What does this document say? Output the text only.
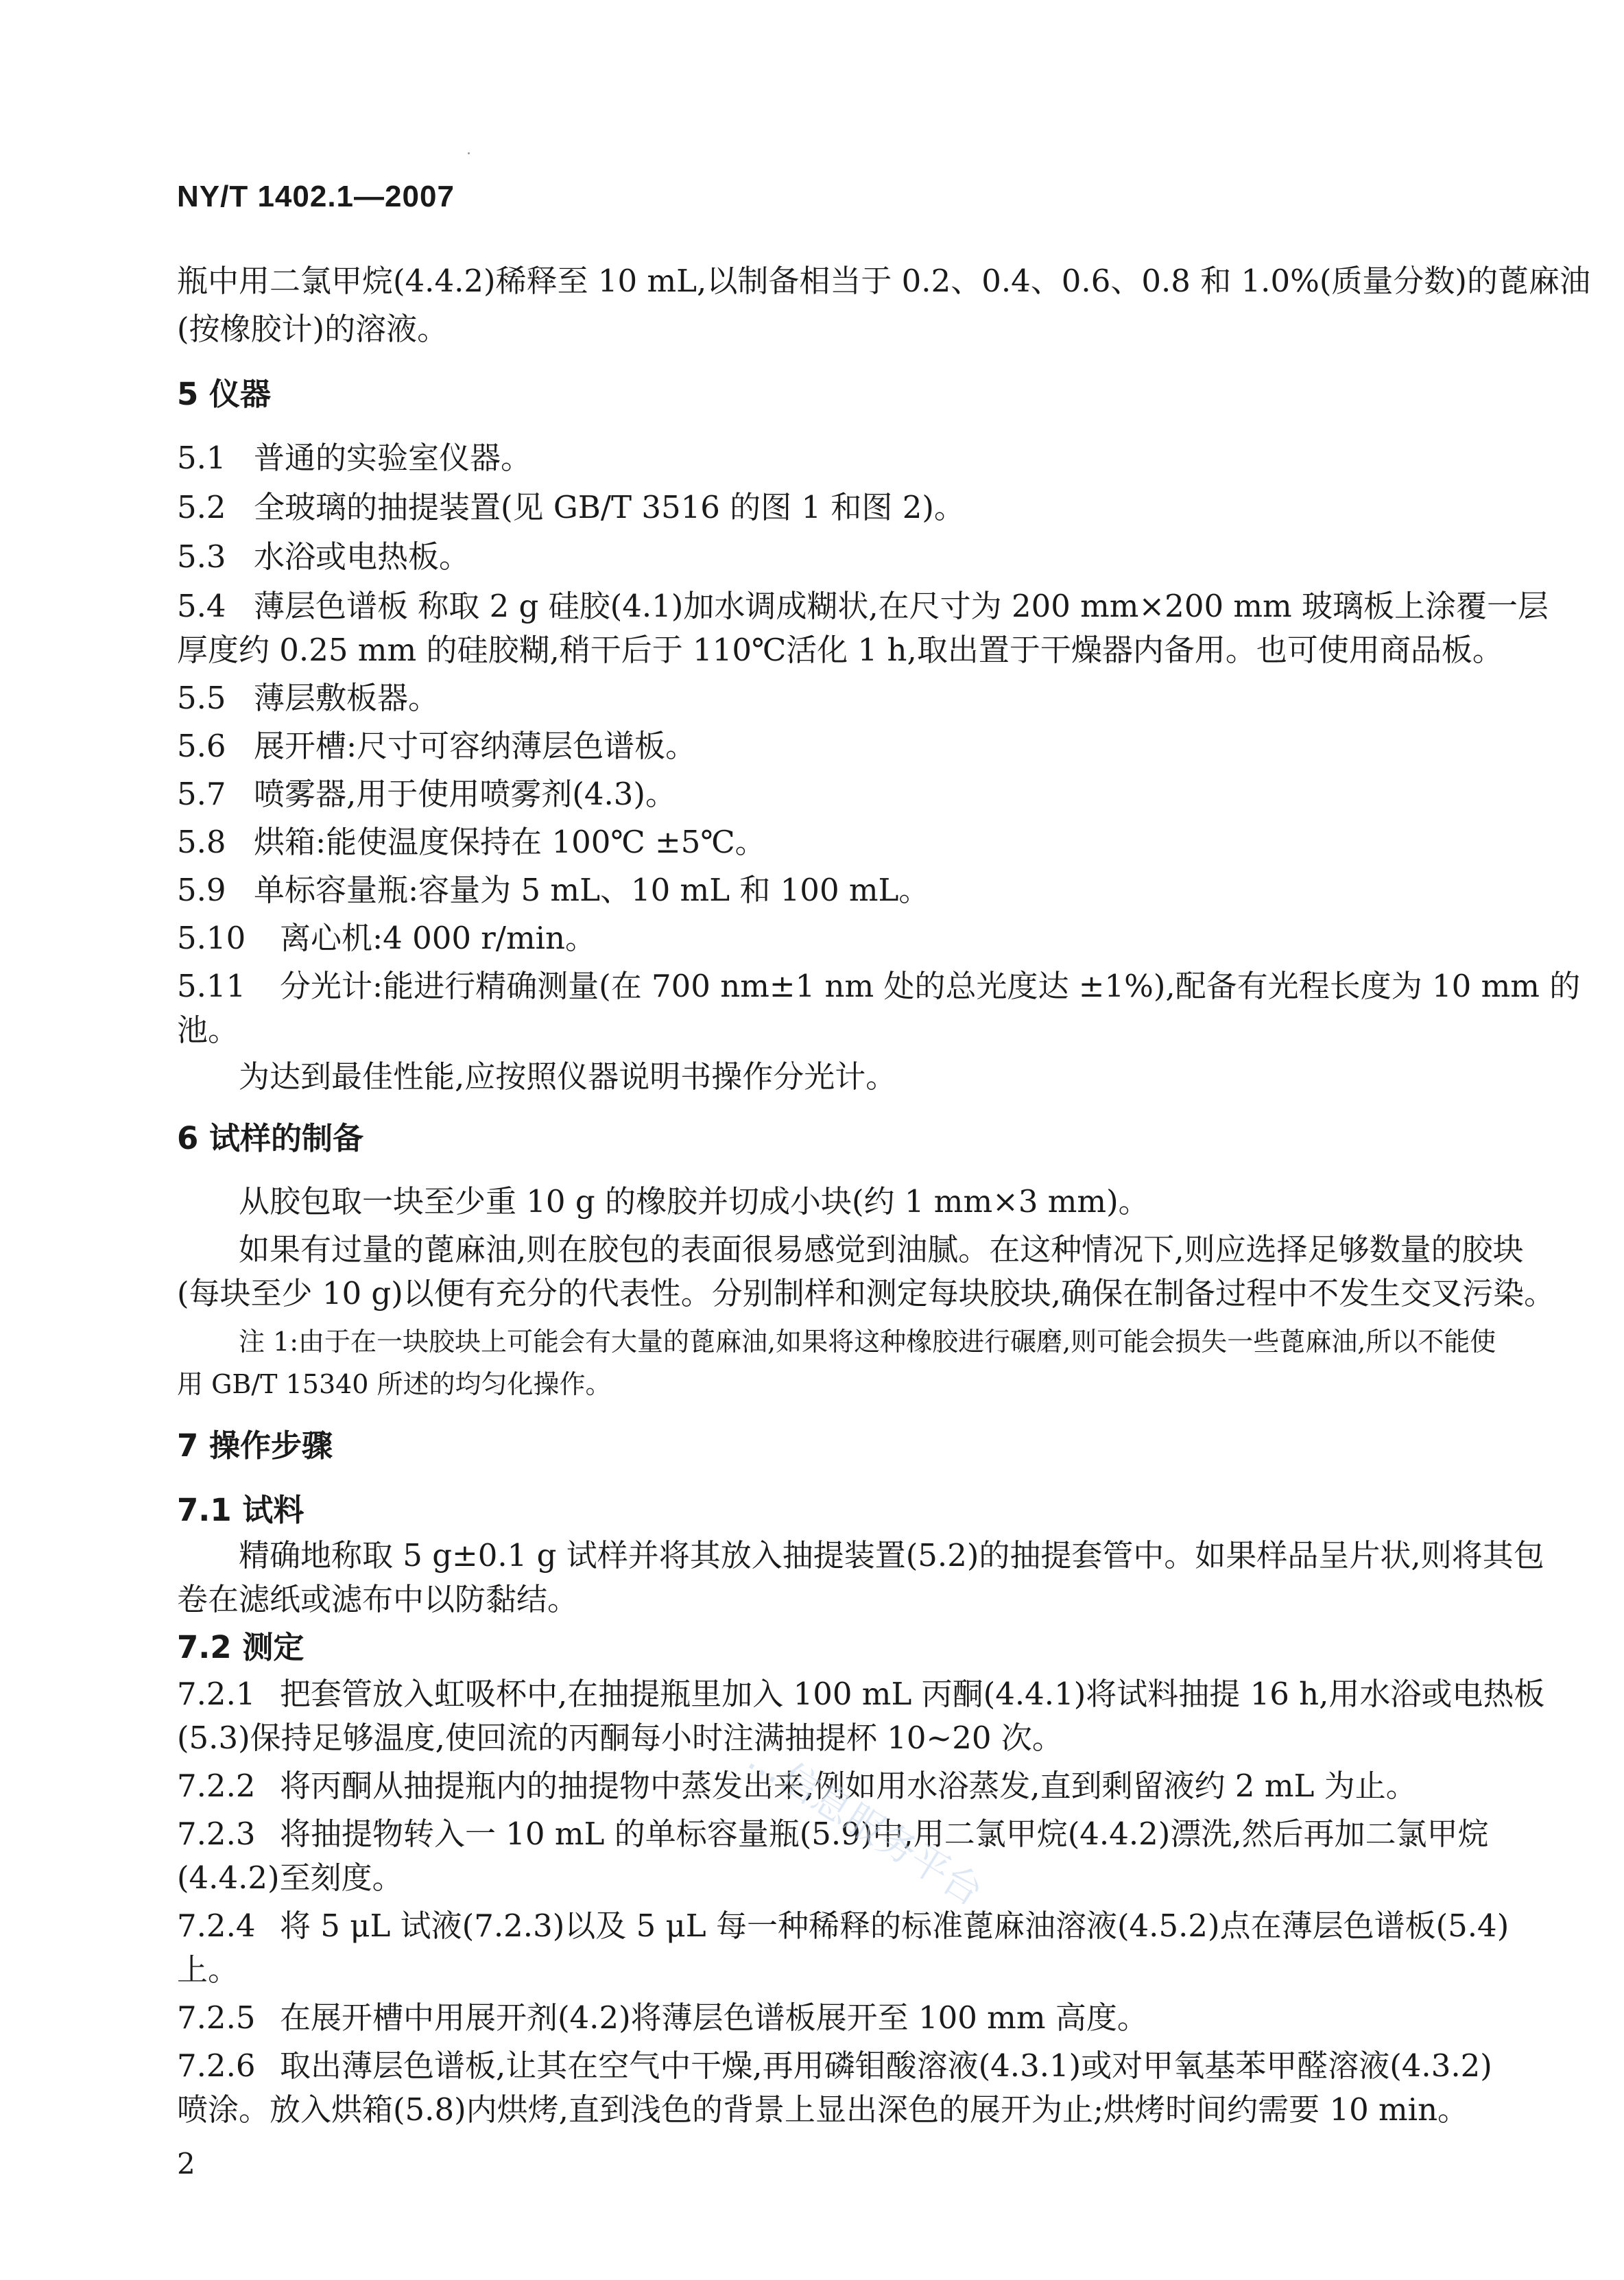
NY/T 1402.1—2007
瓶中用二氯甲烷(4.4.2)稀释至 10 mL,以制备相当于 0.2、0.4、0.6、0.8 和 1.0%(质量分数)的蓖麻油
(按橡胶计)的溶液。
5 仪器
5.1 普通的实验室仪器。
5.2 全玻璃的抽提装置(见 GB/T 3516 的图 1 和图 2)。
5.3 水浴或电热板。
5.4 薄层色谱板 称取 2 g 硅胶(4.1)加水调成糊状,在尺寸为 200 mm×200 mm 玻璃板上涂覆一层
厚度约 0.25 mm 的硅胶糊,稍干后于 110℃活化 1 h,取出置于干燥器内备用。也可使用商品板。
5.5 薄层敷板器。
5.6 展开槽:尺寸可容纳薄层色谱板。
5.7 喷雾器,用于使用喷雾剂(4.3)。
5.8 烘箱:能使温度保持在 100℃ ±5℃。
5.9 单标容量瓶:容量为 5 mL、10 mL 和 100 mL。
5.10 离心机:4 000 r/min。
5.11 分光计:能进行精确测量(在 700 nm±1 nm 处的总光度达 ±1%),配备有光程长度为 10 mm 的
池。
为达到最佳性能,应按照仪器说明书操作分光计。
6 试样的制备
从胶包取一块至少重 10 g 的橡胶并切成小块(约 1 mm×3 mm)。
如果有过量的蓖麻油,则在胶包的表面很易感觉到油腻。在这种情况下,则应选择足够数量的胶块
(每块至少 10 g)以便有充分的代表性。分别制样和测定每块胶块,确保在制备过程中不发生交叉污染。
注 1:由于在一块胶块上可能会有大量的蓖麻油,如果将这种橡胶进行碾磨,则可能会损失一些蓖麻油,所以不能使
用 GB/T 15340 所述的均匀化操作。
7 操作步骤
7.1 试料
精确地称取 5 g±0.1 g 试样并将其放入抽提装置(5.2)的抽提套管中。如果样品呈片状,则将其包
卷在滤纸或滤布中以防黏结。
7.2 测定
7.2.1 把套管放入虹吸杯中,在抽提瓶里加入 100 mL 丙酮(4.4.1)将试料抽提 16 h,用水浴或电热板
(5.3)保持足够温度,使回流的丙酮每小时注满抽提杯 10~20 次。
7.2.2 将丙酮从抽提瓶内的抽提物中蒸发出来,例如用水浴蒸发,直到剩留液约 2 mL 为止。
7.2.3 将抽提物转入一 10 mL 的单标容量瓶(5.9)中,用二氯甲烷(4.4.2)漂洗,然后再加二氯甲烷
(4.4.2)至刻度。
7.2.4 将 5 μL 试液(7.2.3)以及 5 μL 每一种稀释的标准蓖麻油溶液(4.5.2)点在薄层色谱板(5.4)
上。
7.2.5 在展开槽中用展开剂(4.2)将薄层色谱板展开至 100 mm 高度。
7.2.6 取出薄层色谱板,让其在空气中干燥,再用磷钼酸溶液(4.3.1)或对甲氧基苯甲醛溶液(4.3.2)
喷涂。放入烘箱(5.8)内烘烤,直到浅色的背景上显出深色的展开为止;烘烤时间约需要 10 min。
...信息服务平台
2
